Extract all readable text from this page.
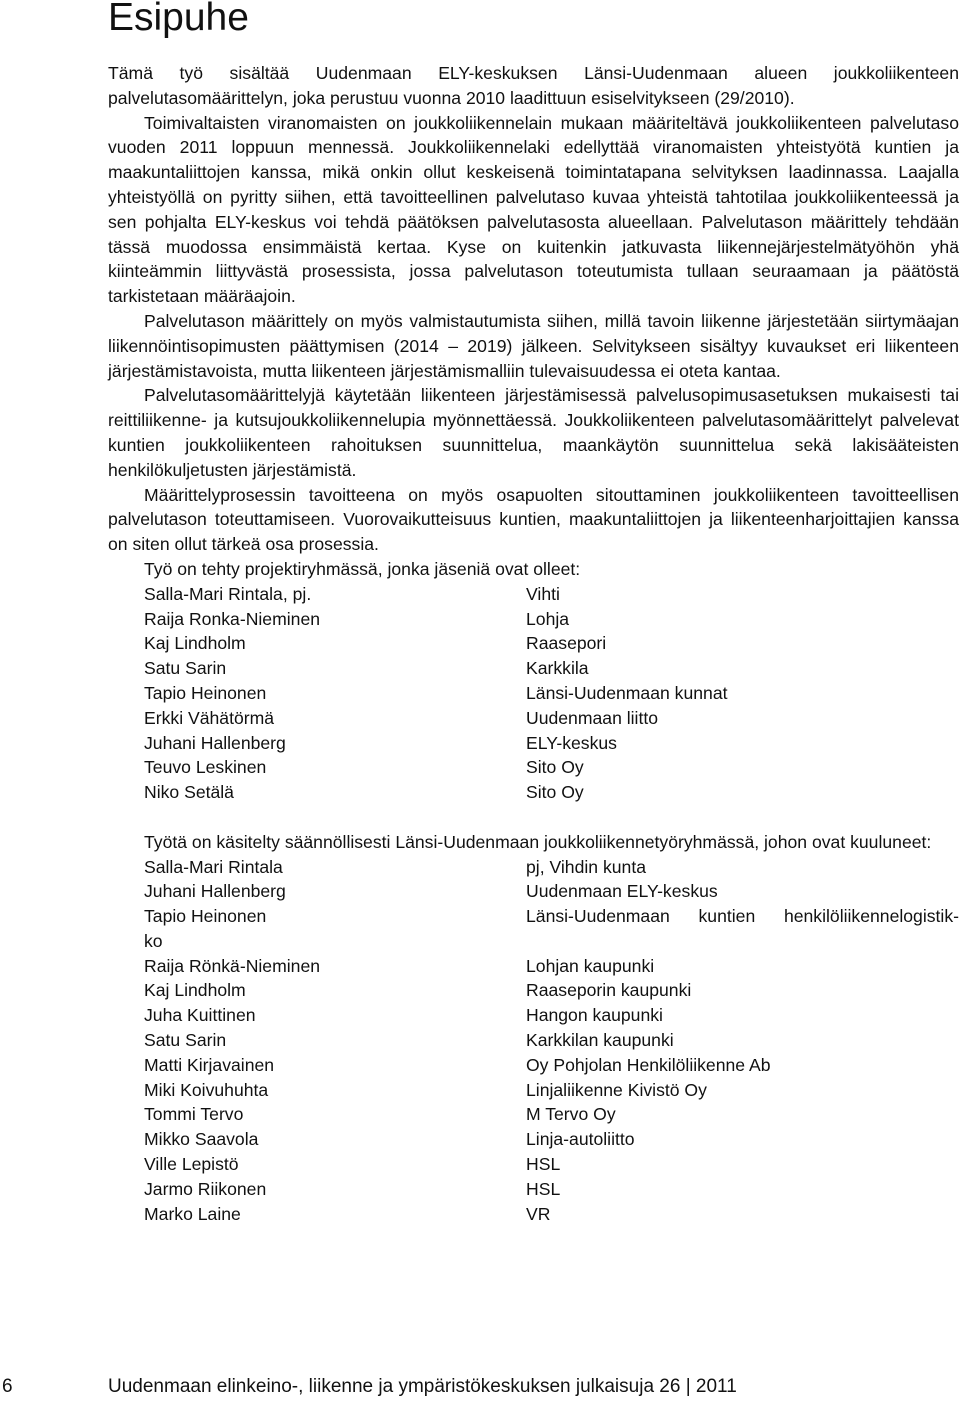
Esipuhe

Tämä työ sisältää Uudenmaan ELY-keskuksen Länsi-Uudenmaan alueen joukkoliikenteen palvelutasomäärittelyn, joka perustuu vuonna 2010 laadittuun esiselvitykseen (29/2010).

Toimivaltaisten viranomaisten on joukkoliikennelain mukaan määriteltävä joukkoliikenteen palvelutaso vuoden 2011 loppuun mennessä. Joukkoliikennelaki edellyttää viranomaisten yhteistyötä kuntien ja maakuntaliittojen kanssa, mikä onkin ollut keskeisenä toimintatapana selvityksen laadinnassa. Laajalla yhteistyöllä on pyritty siihen, että tavoitteellinen palvelutaso kuvaa yhteistä tahtotilaa joukkoliikenteessä ja sen pohjalta ELY-keskus voi tehdä päätöksen palvelutasosta alueellaan. Palvelutason määrittely tehdään tässä muodossa ensimmäistä kertaa. Kyse on kuitenkin jatkuvasta liikennejärjestelmätyöhön yhä kiinteämmin liittyvästä prosessista, jossa palvelutason toteutumista tullaan seuraamaan ja päätöstä tarkistetaan määräajoin.

Palvelutason määrittely on myös valmistautumista siihen, millä tavoin liikenne järjestetään siirtymäajan liikennöintisopimusten päättymisen (2014 – 2019) jälkeen. Selvitykseen sisältyy kuvaukset eri liikenteen järjestämistavoista, mutta liikenteen järjestämismalliin tulevaisuudessa ei oteta kantaa.

Palvelutasomäärittelyjä käytetään liikenteen järjestämisessä palvelusopimusasetuksen mukaisesti tai reittiliikenne- ja kutsujoukkoliikennelupia myönnettäessä. Joukkoliikenteen palvelutasomäärittelyt palvelevat kuntien joukkoliikenteen rahoituksen suunnittelua, maankäytön suunnittelua sekä lakisääteisten henkilökuljetusten järjestämistä.

Määrittelyprosessin tavoitteena on myös osapuolten sitouttaminen joukkoliikenteen tavoitteellisen palvelutason toteuttamiseen. Vuorovaikutteisuus kuntien, maakuntaliittojen ja liikenteenharjoittajien kanssa on siten ollut tärkeä osa prosessia.

Työ on tehty projektiryhmässä, jonka jäseniä ovat olleet:

Salla-Mari Rintala, pj.	Vihti
Raija Ronka-Nieminen	Lohja
Kaj Lindholm	Raasepori
Satu Sarin	Karkkila
Tapio Heinonen	Länsi-Uudenmaan kunnat
Erkki Vähätörmä	Uudenmaan liitto
Juhani Hallenberg	ELY-keskus
Teuvo Leskinen	Sito Oy
Niko Setälä	Sito Oy

Työtä on käsitelty säännöllisesti Länsi-Uudenmaan joukkoliikennetyöryhmässä, johon ovat kuuluneet:

Salla-Mari Rintala	pj, Vihdin kunta
Juhani Hallenberg	Uudenmaan ELY-keskus
Tapio Heinonen	Länsi-Uudenmaan kuntien henkilöliikennelogistik-
ko
Raija Rönkä-Nieminen	Lohjan kaupunki
Kaj Lindholm	Raaseporin kaupunki
Juha Kuittinen	Hangon kaupunki
Satu Sarin	Karkkilan kaupunki
Matti Kirjavainen	Oy Pohjolan Henkilöliikenne Ab
Miki Koivuhuhta	Linjaliikenne Kivistö Oy
Tommi Tervo	M Tervo Oy
Mikko Saavola	Linja-autoliitto
Ville Lepistö	HSL
Jarmo Riikonen	HSL
Marko Laine	VR
6	Uudenmaan elinkeino-, liikenne ja ympäristökeskuksen julkaisuja 26 | 2011
